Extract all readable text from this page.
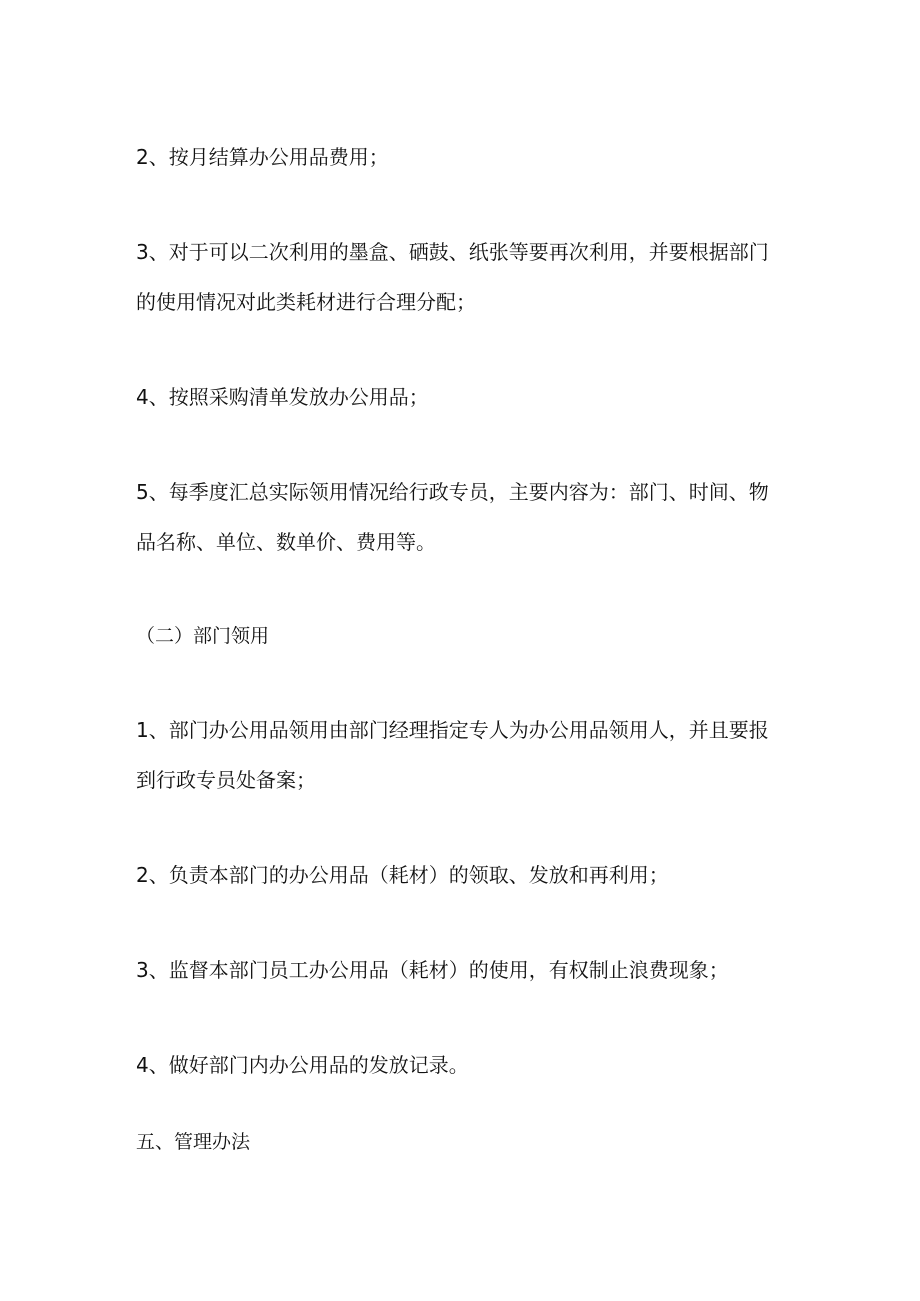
2、按月结算办公用品费用；

3、对于可以二次利用的墨盒、硒鼓、纸张等要再次利用，并要根据部门

的使用情况对此类耗材进行合理分配；

4、按照采购清单发放办公用品；

5、每季度汇总实际领用情况给行政专员，主要内容为：部门、时间、物

品名称、单位、数单价、费用等。

（二）部门领用

1、部门办公用品领用由部门经理指定专人为办公用品领用人，并且要报

到行政专员处备案；

2、负责本部门的办公用品（耗材）的领取、发放和再利用；

3、监督本部门员工办公用品（耗材）的使用，有权制止浪费现象；

4、做好部门内办公用品的发放记录。

五、管理办法
